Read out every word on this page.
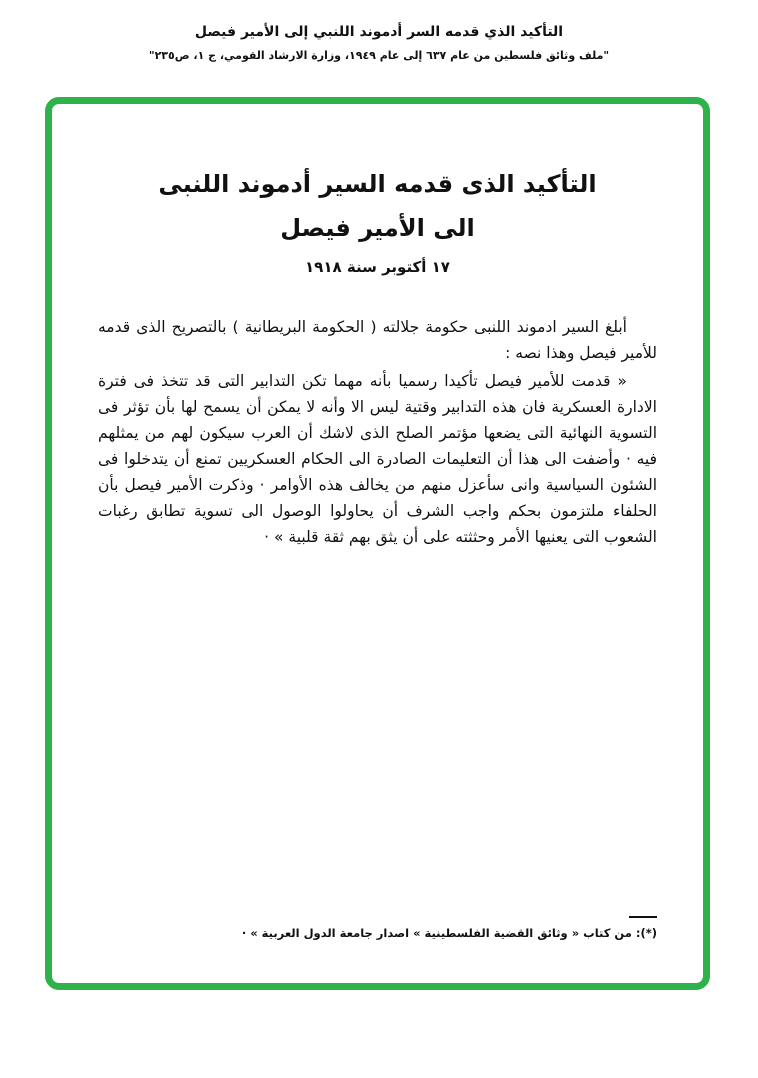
التأكيد الذي قدمه السر أدموند اللنبي إلى الأمير فيصل
"ملف وثائق فلسطين من عام ٦٣٧ إلى عام ١٩٤٩، وزارة الارشاد القومي، ج ١، ص٢٣٥"
التأكيد الذى قدمه السير أدموند اللنبى
الى الأمير فيصل
١٧ أكتوبر سنة ١٩١٨

أبلغ السير ادموند اللنبى حكومة جلالته ( الحكومة البريطانية ) بالتصريح الذى قدمه للأمير فيصل وهذا نصه :

« قدمت للأمير فيصل تأكيدا رسميا بأنه مهما تكن التدابير التى قد تتخذ فى فترة الادارة العسكرية فان هذه التدابير وقتية ليس الا وأنه لا يمكن أن يسمح لها بأن تؤثر فى التسوية النهائية التى يضعها مؤتمر الصلح الذى لاشك أن العرب سيكون لهم من يمثلهم فيه · وأضفت الى هذا أن التعليمات الصادرة الى الحكام العسكريين تمنع أن يتدخلوا فى الشئون السياسية وانى سأعزل منهم من يخالف هذه الأوامر · وذكرت الأمير فيصل بأن الحلفاء ملتزمون بحكم واجب الشرف أن يحاولوا الوصول الى تسوية تطابق رغبات الشعوب التى يعنيها الأمر وحثثته على أن يثق بهم ثقة قلبية » ·

(*): من كتاب « وثائق القضية الفلسطينية » اصدار جامعة الدول العربية » ·
